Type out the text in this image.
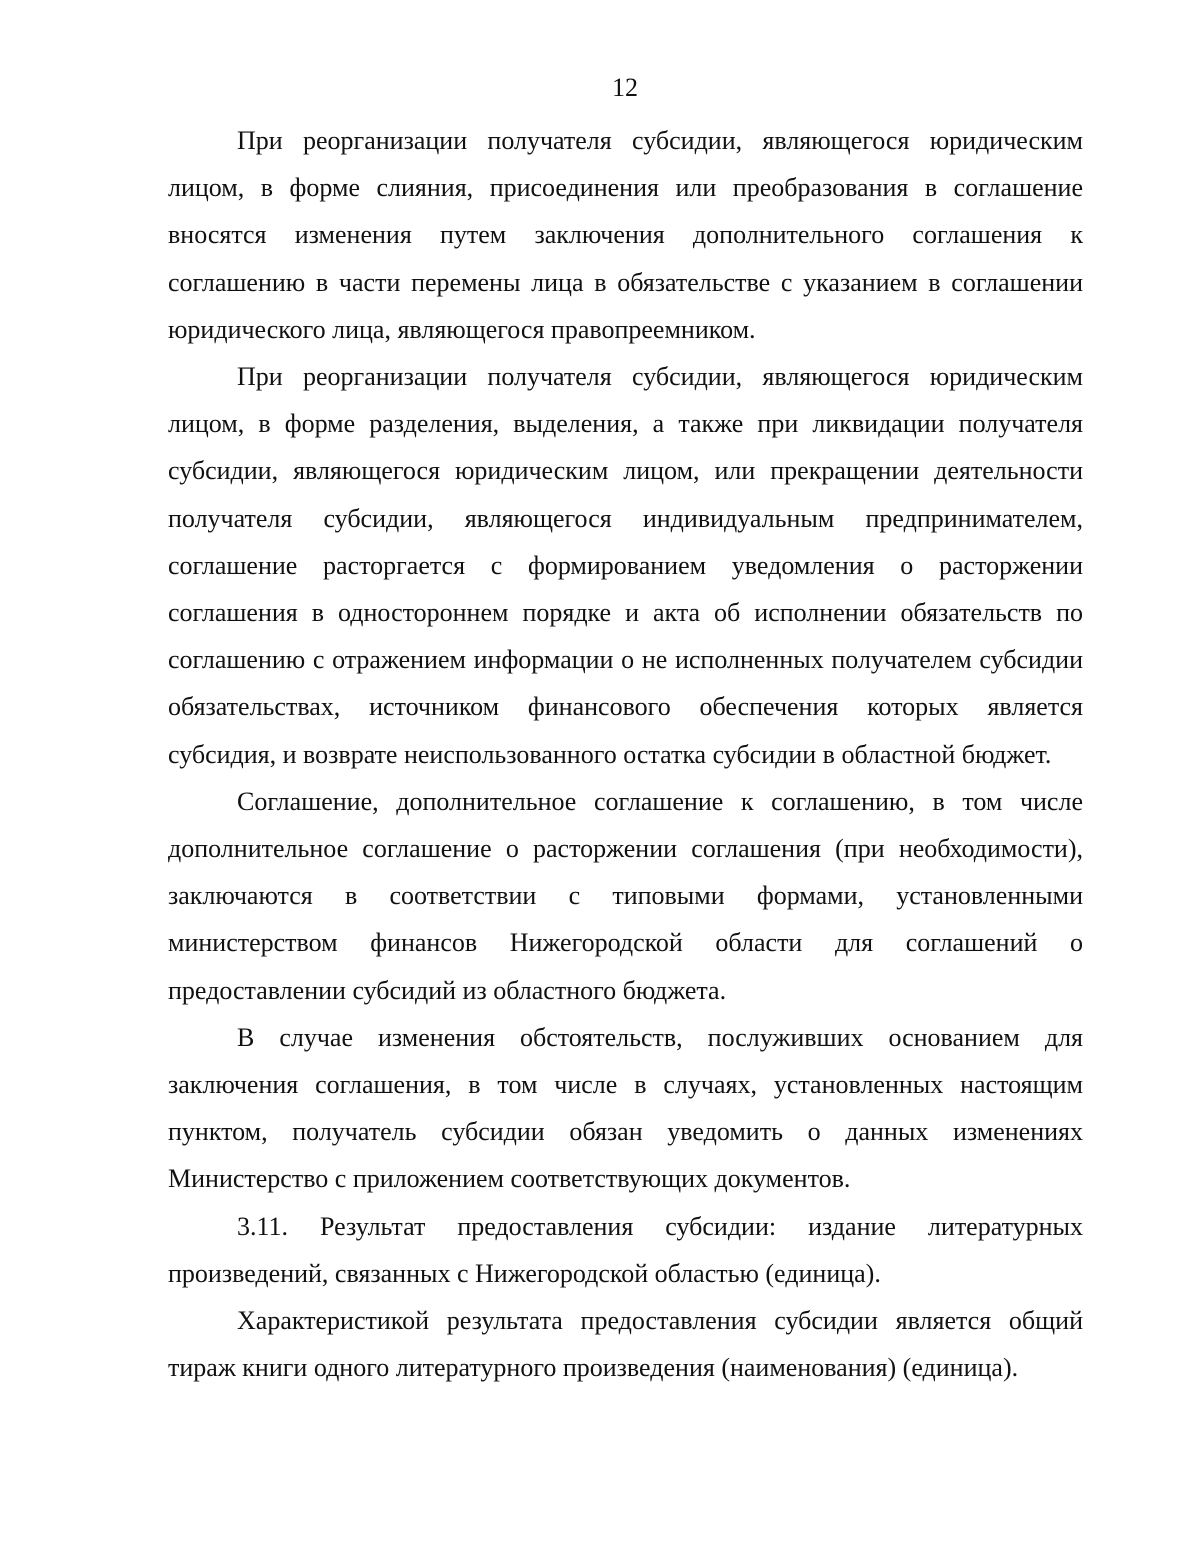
12

При реорганизации получателя субсидии, являющегося юридическим лицом, в форме слияния, присоединения или преобразования в соглашение вносятся изменения путем заключения дополнительного соглашения к соглашению в части перемены лица в обязательстве с указанием в соглашении юридического лица, являющегося правопреемником.

При реорганизации получателя субсидии, являющегося юридическим лицом, в форме разделения, выделения, а также при ликвидации получателя субсидии, являющегося юридическим лицом, или прекращении деятельности получателя субсидии, являющегося индивидуальным предпринимателем, соглашение расторгается с формированием уведомления о расторжении соглашения в одностороннем порядке и акта об исполнении обязательств по соглашению с отражением информации о не исполненных получателем субсидии обязательствах, источником финансового обеспечения которых является субсидия, и возврате неиспользованного остатка субсидии в областной бюджет.

Соглашение, дополнительное соглашение к соглашению, в том числе дополнительное соглашение о расторжении соглашения (при необходимости), заключаются в соответствии с типовыми формами, установленными министерством финансов Нижегородской области для соглашений о предоставлении субсидий из областного бюджета.

В случае изменения обстоятельств, послуживших основанием для заключения соглашения, в том числе в случаях, установленных настоящим пунктом, получатель субсидии обязан уведомить о данных изменениях Министерство с приложением соответствующих документов.

3.11. Результат предоставления субсидии: издание литературных произведений, связанных с Нижегородской областью (единица).

Характеристикой результата предоставления субсидии является общий тираж книги одного литературного произведения (наименования) (единица).
